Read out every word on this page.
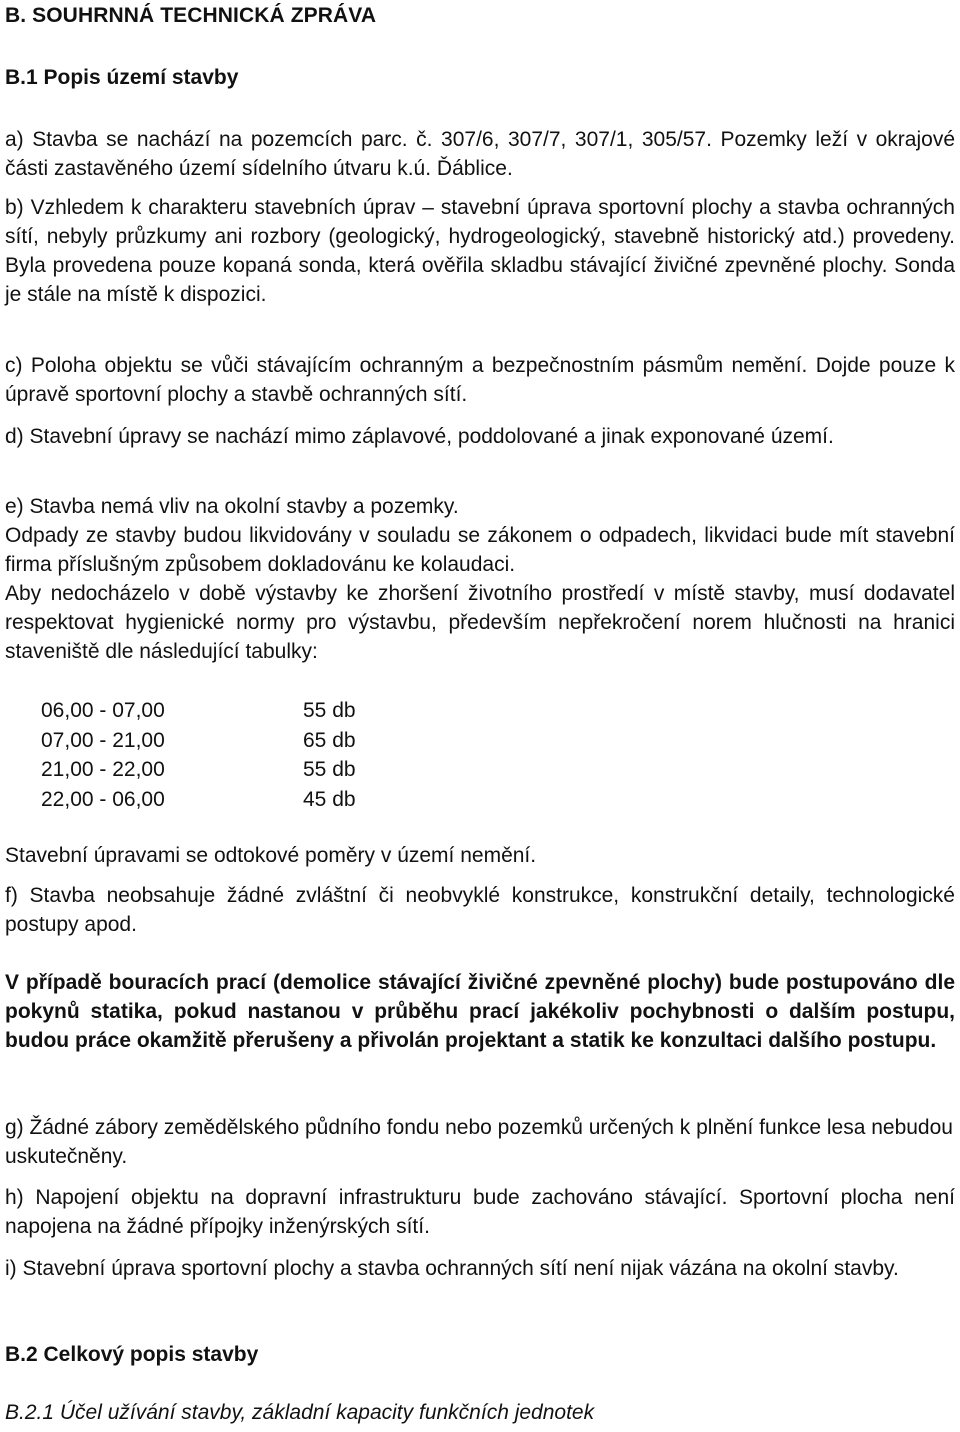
B. SOUHRNNÁ TECHNICKÁ ZPRÁVA
B.1 Popis území stavby
a) Stavba se nachází na pozemcích parc. č. 307/6, 307/7, 307/1, 305/57. Pozemky leží v okrajové části zastavěného území sídelního útvaru k.ú. Ďáblice.
b) Vzhledem k charakteru stavebních úprav – stavební úprava sportovní plochy a stavba ochranných sítí, nebyly průzkumy ani rozbory (geologický, hydrogeologický, stavebně historický atd.) provedeny. Byla provedena pouze kopaná sonda, která ověřila skladbu stávající živičné zpevněné plochy. Sonda je stále na místě k dispozici.
c) Poloha objektu se vůči stávajícím ochranným a bezpečnostním pásmům nemění. Dojde pouze k úpravě sportovní plochy a stavbě ochranných sítí.
d) Stavební úpravy se nachází mimo záplavové, poddolované a jinak exponované území.
e) Stavba nemá vliv na okolní stavby a pozemky.
Odpady ze stavby budou likvidovány v souladu se zákonem o odpadech, likvidaci bude mít stavební firma příslušným způsobem dokladovánu ke kolaudaci.
Aby nedocházelo v době výstavby ke zhoršení životního prostředí v místě stavby, musí dodavatel respektovat hygienické normy pro výstavbu, především nepřekročení norem hlučnosti na hranici staveniště dle následující tabulky:
06,00 - 07,00	55 db
07,00 - 21,00	65 db
21,00 - 22,00	55 db
22,00 - 06,00	45 db
Stavební úpravami se odtokové poměry v území nemění.
f) Stavba neobsahuje žádné zvláštní či neobvyklé konstrukce, konstrukční detaily, technologické postupy apod.
V případě bouracích prací (demolice stávající živičné zpevněné plochy) bude postupováno dle pokynů statika, pokud nastanou v průběhu prací jakékoliv pochybnosti o dalším postupu, budou práce okamžitě přerušeny a přivolán projektant a statik ke konzultaci dalšího postupu.
g) Žádné zábory zemědělského půdního fondu nebo pozemků určených k plnění funkce lesa nebudou uskutečněny.
h) Napojení objektu na dopravní infrastrukturu bude zachováno stávající. Sportovní plocha není napojena na žádné přípojky inženýrských sítí.
i) Stavební úprava sportovní plochy a stavba ochranných sítí není nijak vázána na okolní stavby.
B.2 Celkový popis stavby
B.2.1 Účel užívání stavby, základní kapacity funkčních jednotek
